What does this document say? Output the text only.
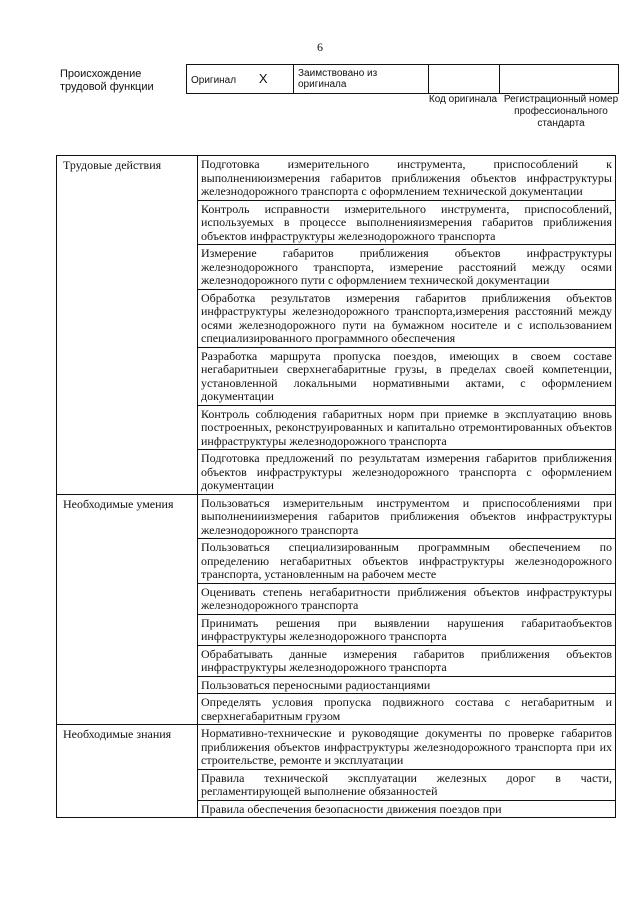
6
Происхождение трудовой функции
Оригинал X	Заимствовано из оригинала		
Код оригинала Регистрационный номер профессионального стандарта
Трудовые действия	Подготовка измерительного инструмента, приспособлений к выполнениюизмерения габаритов приближения объектов инфраструктуры железнодорожного транспорта с оформлением технической документации
	Контроль исправности измерительного инструмента, приспособлений, используемых в процессе выполненияизмерения габаритов приближения объектов инфраструктуры железнодорожного транспорта
	Измерение габаритов приближения объектов инфраструктуры железнодорожного транспорта, измерение расстояний между осями железнодорожного пути с оформлением технической документации
	Обработка результатов измерения габаритов приближения объектов инфраструктуры железнодорожного транспорта,измерения расстояний между осями железнодорожного пути на бумажном носителе и с использованием специализированного программного обеспечения
	Разработка маршрута пропуска поездов, имеющих в своем составе негабаритныеи сверхнегабаритные грузы, в пределах своей компетенции, установленной локальными нормативными актами, с оформлением документации
	Контроль соблюдения габаритных норм при приемке в эксплуатацию вновь построенных, реконструированных и капитально отремонтированных объектов инфраструктуры железнодорожного транспорта
	Подготовка предложений по результатам измерения габаритов приближения объектов инфраструктуры железнодорожного транспорта с оформлением документации
Необходимые умения	Пользоваться измерительным инструментом и приспособлениями при выполненииизмерения габаритов приближения объектов инфраструктуры железнодорожного транспорта
	Пользоваться специализированным программным обеспечением по определению негабаритных объектов инфраструктуры железнодорожного транспорта, установленным на рабочем месте
	Оценивать степень негабаритности приближения объектов инфраструктуры железнодорожного транспорта
	Принимать решения при выявлении нарушения габаритаобъектов инфраструктуры железнодорожного транспорта
	Обрабатывать данные измерения габаритов приближения объектов инфраструктуры железнодорожного транспорта
	Пользоваться переносными радиостанциями
	Определять условия пропуска подвижного состава с негабаритным и сверхнегабаритным грузом
Необходимые знания	Нормативно-технические и руководящие документы по проверке габаритов приближения объектов инфраструктуры железнодорожного транспорта при их строительстве, ремонте и эксплуатации
	Правила технической эксплуатации железных дорог в части, регламентирующей выполнение обязанностей
	Правила обеспечения безопасности движения поездов при
